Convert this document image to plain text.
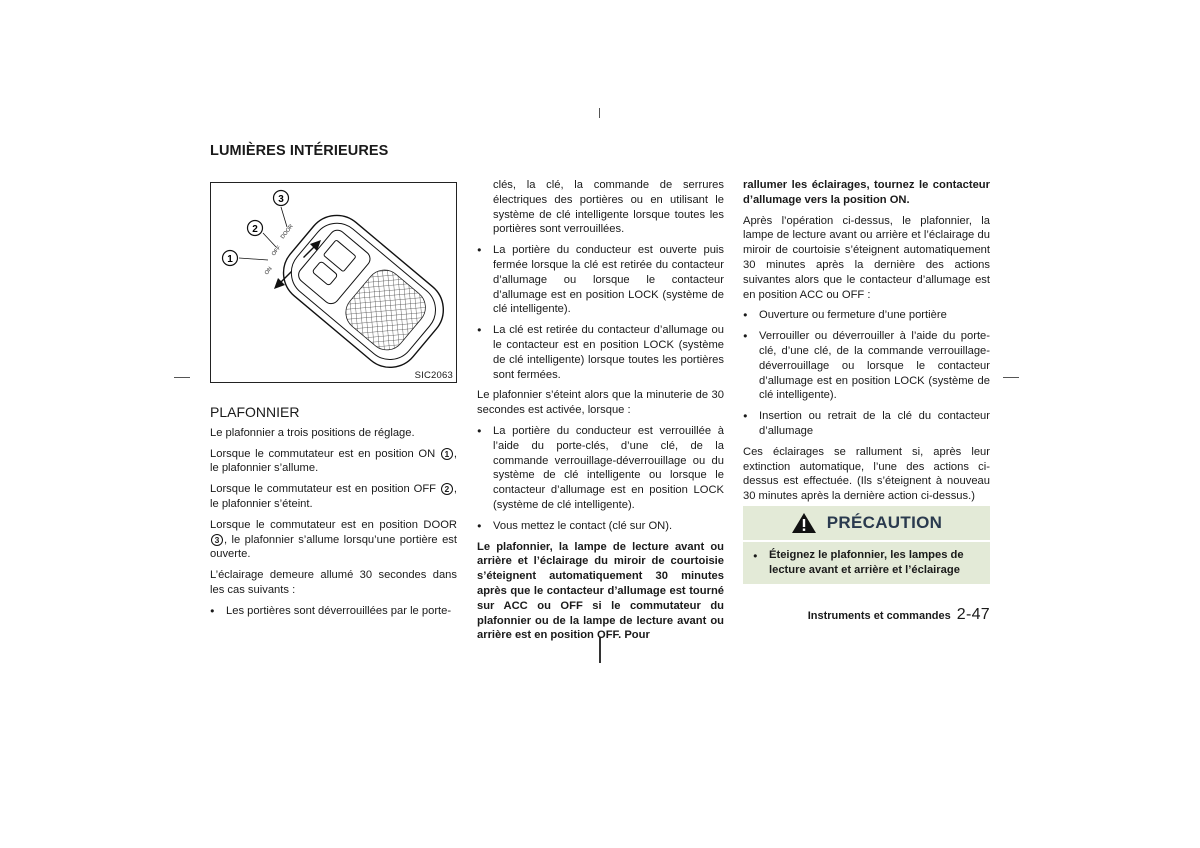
LUMIÈRES INTÉRIEURES
ON
OFF
DOOR
1
2
3
SIC2063

PLAFONNIER

Le plafonnier a trois positions de réglage.

Lorsque le commutateur est en position ON 1 , le plafonnier s’allume.

Lorsque le commutateur est en position OFF 2 , le plafonnier s’éteint.

Lorsque le commutateur est en position DOOR 3 , le plafonnier s’allume lorsqu’une portière est ouverte.

L’éclairage demeure allumé 30 secondes dans les cas suivants :

● Les portières sont déverrouillées par le porte-

clés, la clé, la commande de serrures électriques des portières ou en utilisant le système de clé intelligente lorsque toutes les portières sont verrouillées.

● La portière du conducteur est ouverte puis fermée lorsque la clé est retirée du contacteur d’allumage ou lorsque le contacteur d’allumage est en position LOCK (système de clé intelligente).

● La clé est retirée du contacteur d’allumage ou le contacteur est en position LOCK (système de clé intelligente) lorsque toutes les portières sont fermées.

Le plafonnier s’éteint alors que la minuterie de 30 secondes est activée, lorsque :

● La portière du conducteur est verrouillée à l’aide du porte-clés, d’une clé, de la commande verrouillage-déverrouillage ou du système de clé intelligente ou lorsque le contacteur d’allumage est en position LOCK (système de clé intelligente).

● Vous mettez le contact (clé sur ON).

Le plafonnier, la lampe de lecture avant ou arrière et l’éclairage du miroir de courtoisie s’éteignent automatiquement 30 minutes après que le contacteur d’allumage est tourné sur ACC ou OFF si le commutateur du plafonnier ou de la lampe de lecture avant ou arrière est en position OFF. Pour

rallumer les éclairages, tournez le contacteur d’allumage vers la position ON.

Après l’opération ci-dessus, le plafonnier, la lampe de lecture avant ou arrière et l’éclairage du miroir de courtoisie s’éteignent automatiquement 30 minutes après la dernière des actions suivantes alors que le contacteur d’allumage est en position ACC ou OFF :

● Ouverture ou fermeture d’une portière

● Verrouiller ou déverrouiller à l’aide du porte-clé, d’une clé, de la commande verrouillage-déverrouillage ou lorsque le contacteur d’allumage est en position LOCK (système de clé intelligente).

● Insertion ou retrait de la clé du contacteur d’allumage

Ces éclairages se rallument si, après leur extinction automatique, l’une des actions ci-dessus est effectuée. (Ils s’éteignent à nouveau 30 minutes après la dernière action ci-dessus.)

PRÉCAUTION

● Éteignez le plafonnier, les lampes de lecture avant et arrière et l’éclairage

Instruments et commandes 2-47
